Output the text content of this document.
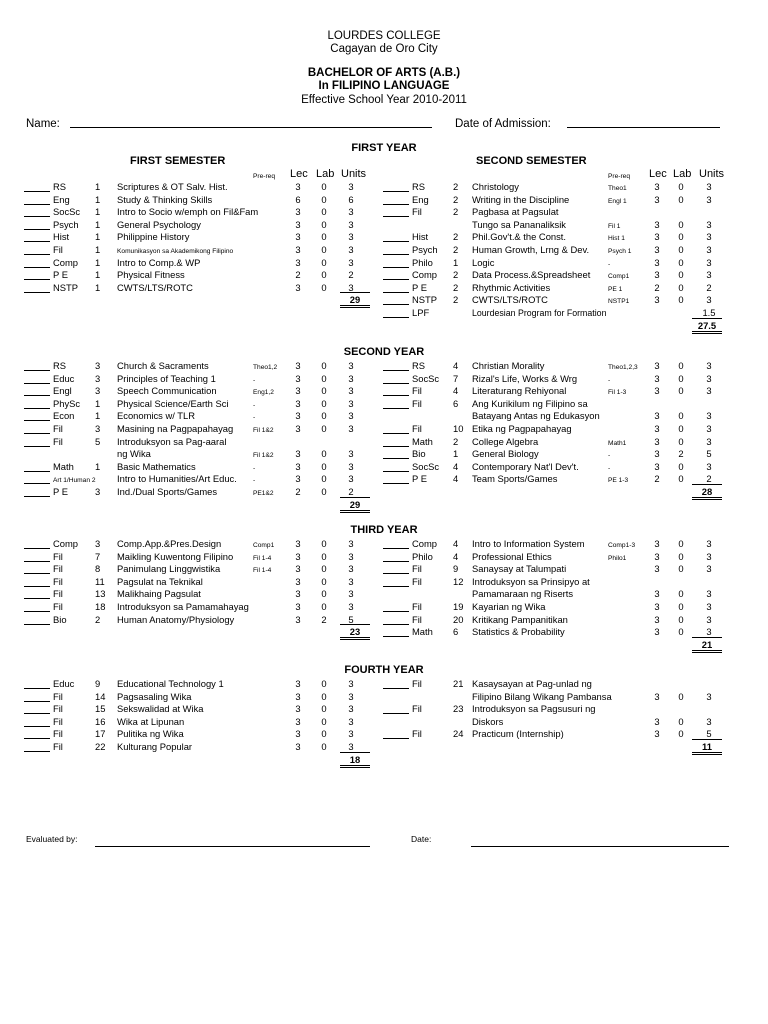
LOURDES COLLEGE
Cagayan de Oro City
BACHELOR OF ARTS (A.B.)
In FILIPINO LANGUAGE
Effective School Year 2010-2011
Name:	Date of Admission:
FIRST YEAR
FIRST SEMESTER	SECOND SEMESTER
Pre-req Lec Lab Units	Pre-req Lec Lab Units
RS	1 Scriptures & OT Salv. Hist.	3 0	3
Eng	1 Study & Thinking Skills	6 0	6
SocSc 1 Intro to Socio w/emph on Fil&Fam	3 0	3
Psych 1 General Psychology	3 0	3
Hist	1 Philippine History	3 0	3
Fil	1	Komunikasyon sa Akademikong Filipino	3 0	3
Comp 1 Intro to Comp.& WP	3 0	3
P E	1 Physical Fitness	2 0	2
NSTP 1 CWTS/LTS/ROTC	3 0	3
RS	2 Christology	Theo1	3 0	3
Eng	2 Writing in the Discipline	Engl 1	3 0	3
Fil	2 Pagbasa at Pagsulat
Tungo sa Pananaliksik	Fil 1	3 0	3
Hist	2 Phil.Gov't.& the Const.	Hist 1	3 0	3
Psych 2 Human Growth, Lrng & Dev.	Psych 1 3 0	3
Philo 1 Logic	-	3 0	3
Comp 2 Data Process.&Spreadsheet	Comp1	3 0	3
P E	2 Rhythmic Activities	PE 1	2 0	2
NSTP 2 CWTS/LTS/ROTC	NSTP1	3 0	3
LPF	Lourdesian Program for Formation	1.5
29
27.5
SECOND YEAR
RS	3 Church & Sacraments	Theo1,2 3 0	3
Educ 3 Principles of Teaching 1	-	3 0	3
Engl 3 Speech Communication	Eng1,2 3 0	3
PhySc 1 Physical Science/Earth Sci	-	3 0	3
Econ 1 Economics w/ TLR	-	3 0	3
Fil	3 Masining na Pagpapahayag	Fil 1&2 3 0	3
Fil	5 Introduksyon sa Pag-aaral
ng Wika	Fil 1&2 3 0	3
Math 1 Basic Mathematics	-	3 0	3
Art 1/Human 2 Intro to Humanities/Art Educ. -	3 0	3
P E	3 Ind./Dual Sports/Games	PE1&2 2 0	2
RS	4 Christian Morality	Theo1,2,3 3 0	3
SocSc 7 Rizal's Life, Works & Wrg	-	3 0	3
Fil	4 Literaturang Rehiyonal	Fil 1-3	3 0	3
Fil	6 Ang Kurikilum ng Filipino sa
Batayang Antas ng Edukasyon	3 0	3
Fil	10 Etika ng Pagpapahayag	3 0	3
Math 2 College Algebra	Math1	3 0	3
Bio	1 General Biology	-	3 2	5
SocSc 4 Contemporary Nat'l Dev't.	-	3 0	3
P E	4 Team Sports/Games	PE 1-3	2 0	2
29
28
THIRD YEAR
Comp 3 Comp.App.&Pres.Design	Comp1 3 0	3
Fil	7 Maikling Kuwentong Filipino	Fil 1-4	3 0	3
Fil	8 Panimulang Linggwistika	Fil 1-4	3 0	3
Fil	11 Pagsulat na Teknikal	3 0	3
Fil	13 Malikhaing Pagsulat	3 0	3
Fil	18 Introduksyon sa Pamamahayag	3 0	3
Bio	2 Human Anatomy/Physiology	3 2	5
Comp 4 Intro to Information System	Comp1-3 3 0	3
Philo 4 Professional Ethics	Philo1	3 0	3
Fil	9 Sanaysay at Talumpati	3 0	3
Fil	12 Introduksyon sa Prinsipyo at
Pamamaraan ng Riserts	3 0	3
Fil	19 Kayarian ng Wika	3 0	3
Fil	20 Kritikang Pampanitikan	3 0	3
Math 6 Statistics & Probability	3 0	3
23
21
FOURTH YEAR
Educ 9 Educational Technology 1	3 0	3
Fil	14 Pagsasaling Wika	3 0	3
Fil	15 Sekswalidad at Wika	3 0	3
Fil	16 Wika at Lipunan	3 0	3
Fil	17 Pulitika ng Wika	3 0	3
Fil	22 Kulturang Popular	3 0	3
Fil	21 Kasaysayan at Pag-unlad ng
Filipino Bilang Wikang Pambansa	3 0	3
Fil	23 Introduksyon sa Pagsusuri ng
Diskors	3 0	3
Fil	24 Practicum (Internship)	3 0	5
18
11
Evaluated by:	Date:
